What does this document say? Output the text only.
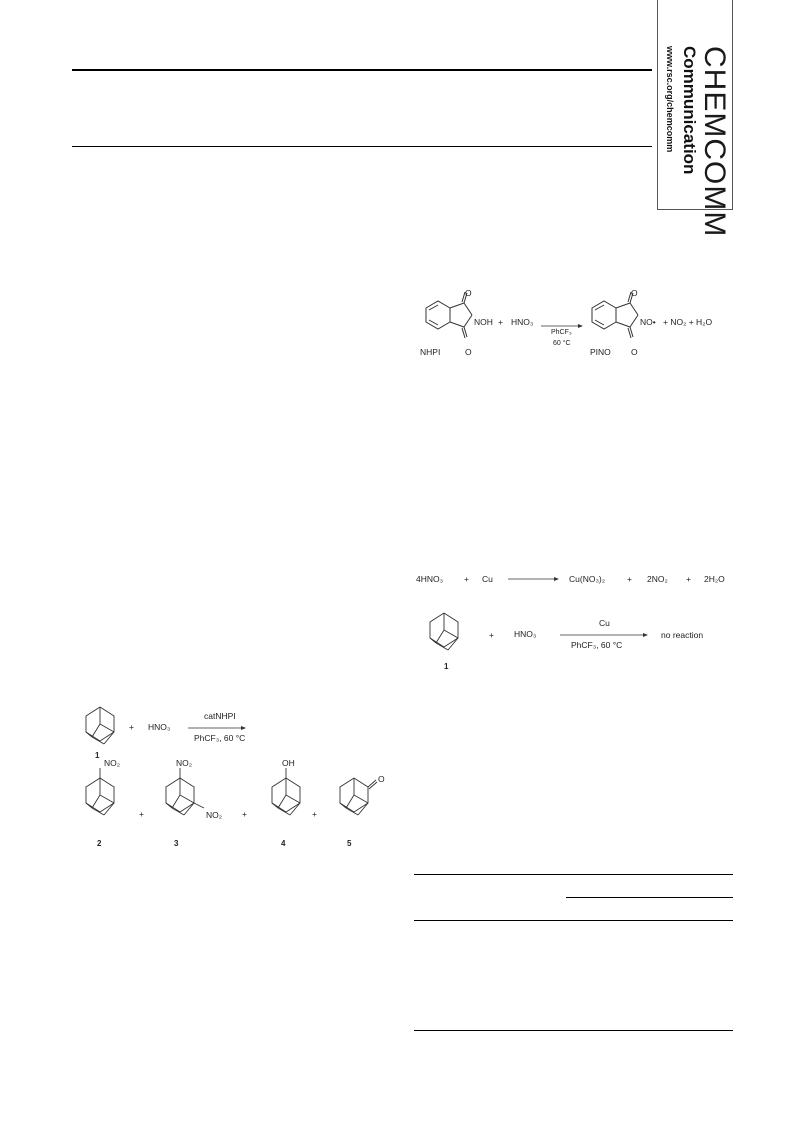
CHEMCOMM
Communication
www.rsc.org/chemcomm
O
O
NOH
NHPI
+ HNO₃
PhCF₃
60 °C
O
O
NO•
PINO
+ NO₂ + H₂O
4HNO₃ + Cu	Cu(NO₃)₂	+ 2NO₂ + 2H₂O
1
+ HNO₃
Cu
PhCF₃, 60 °C
no reaction
1
+ HNO₃
catNHPI
PhCF₃, 60 °C
NO₂
2
+
NO₂
NO₂
3
+
OH
4
+
O
5
